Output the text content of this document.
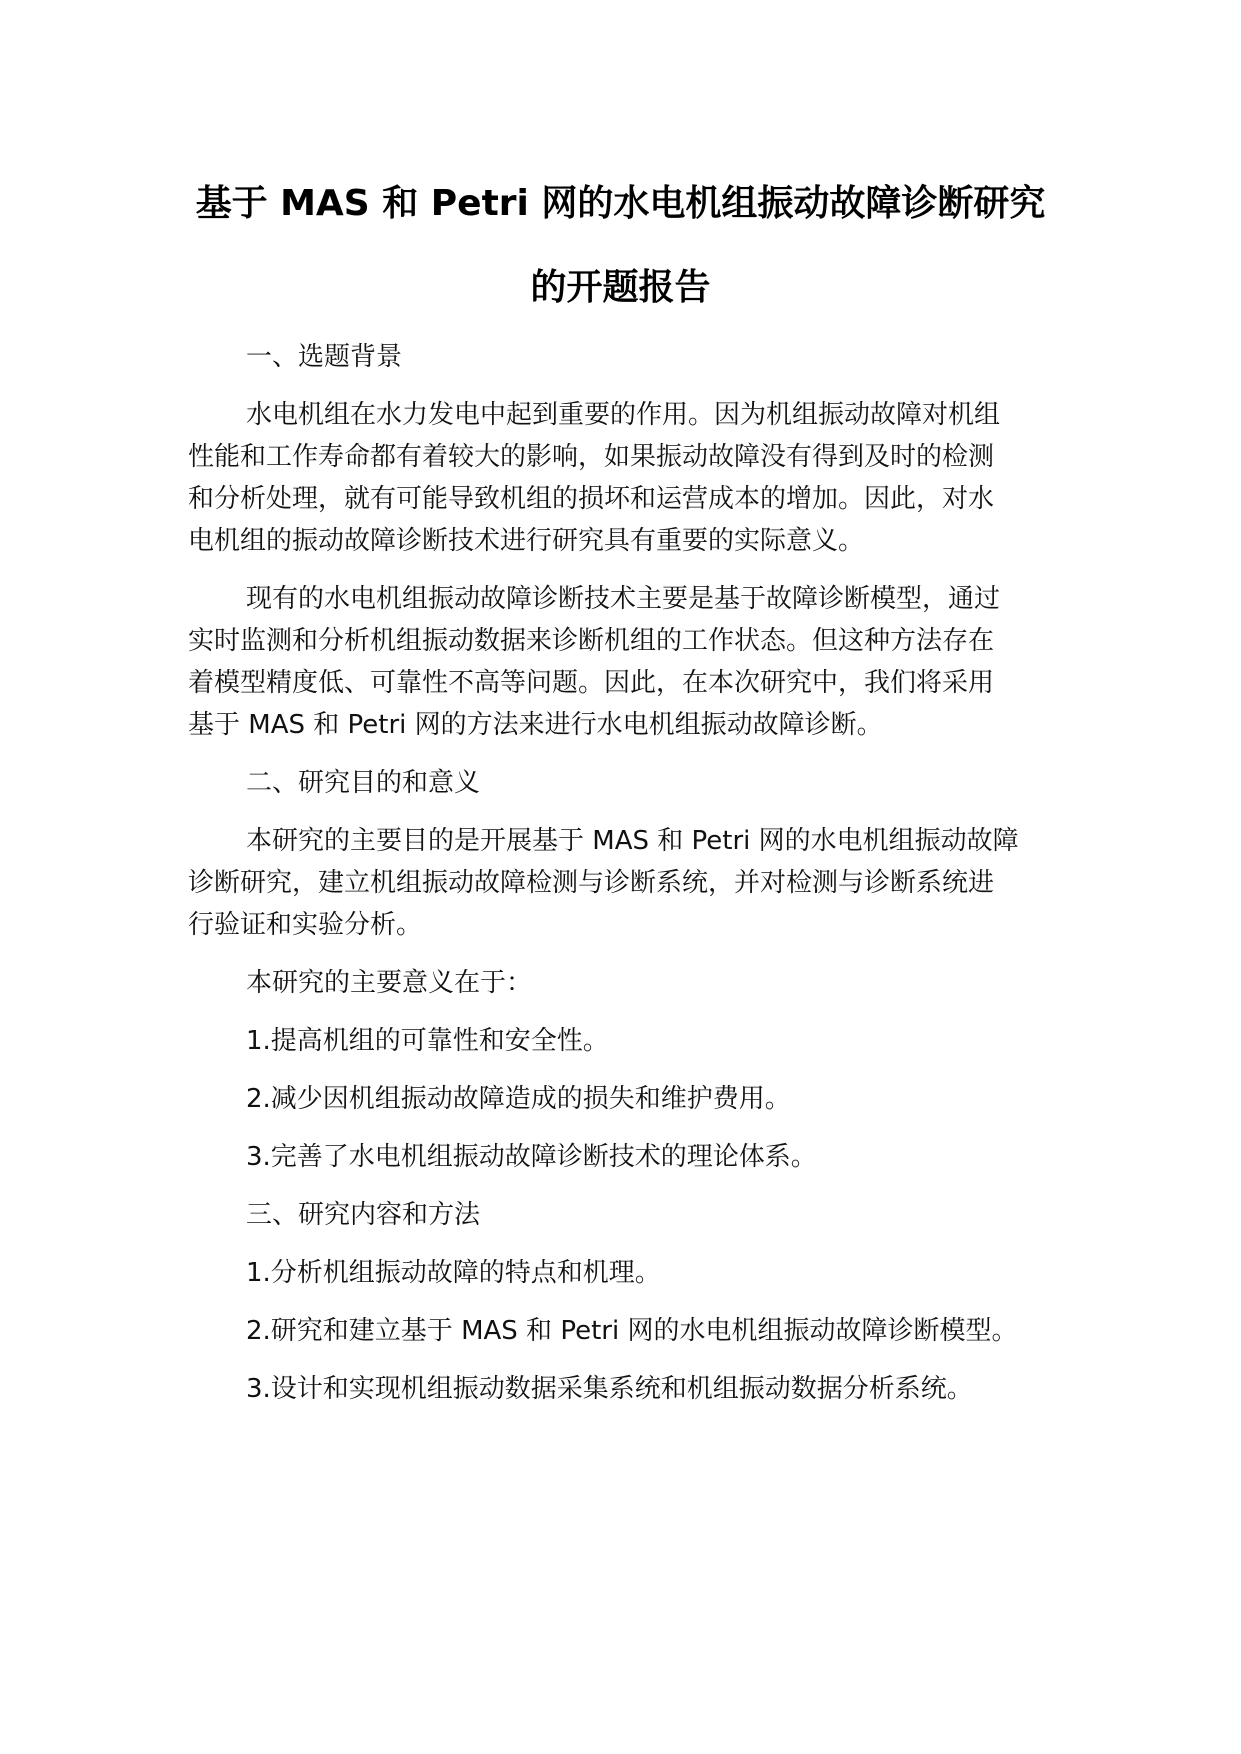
基于 MAS 和 Petri 网的水电机组振动故障诊断研究
的开题报告
一、选题背景
水电机组在水力发电中起到重要的作用。因为机组振动故障对机组
性能和工作寿命都有着较大的影响，如果振动故障没有得到及时的检测
和分析处理，就有可能导致机组的损坏和运营成本的增加。因此，对水
电机组的振动故障诊断技术进行研究具有重要的实际意义。
现有的水电机组振动故障诊断技术主要是基于故障诊断模型，通过
实时监测和分析机组振动数据来诊断机组的工作状态。但这种方法存在
着模型精度低、可靠性不高等问题。因此，在本次研究中，我们将采用
基于 MAS 和 Petri 网的方法来进行水电机组振动故障诊断。
二、研究目的和意义
本研究的主要目的是开展基于 MAS 和 Petri 网的水电机组振动故障
诊断研究，建立机组振动故障检测与诊断系统，并对检测与诊断系统进
行验证和实验分析。
本研究的主要意义在于：
1.提高机组的可靠性和安全性。
2.减少因机组振动故障造成的损失和维护费用。
3.完善了水电机组振动故障诊断技术的理论体系。
三、研究内容和方法
1.分析机组振动故障的特点和机理。
2.研究和建立基于 MAS 和 Petri 网的水电机组振动故障诊断模型。
3.设计和实现机组振动数据采集系统和机组振动数据分析系统。
